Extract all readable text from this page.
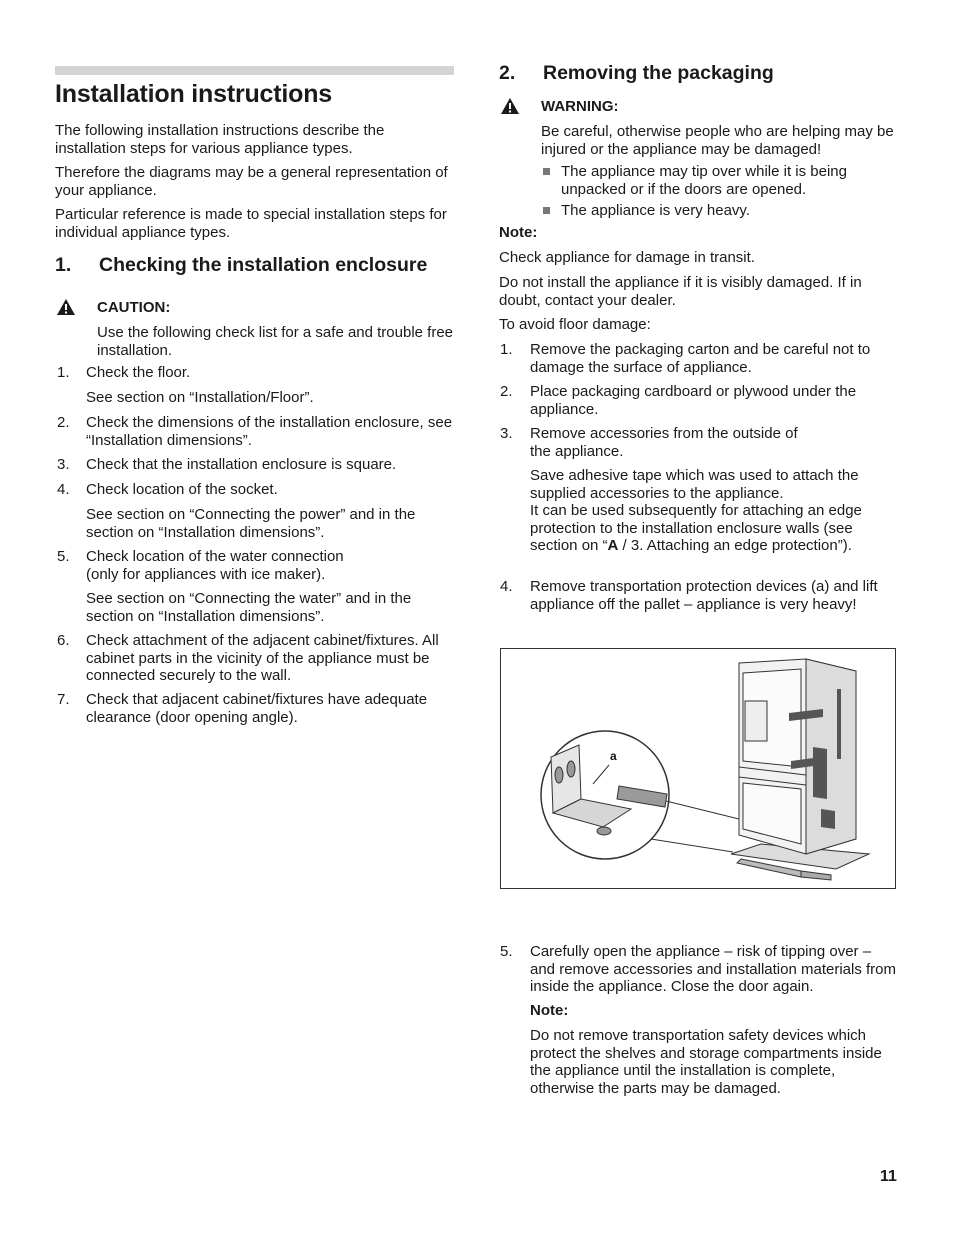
Installation instructions

The following installation instructions describe the installation steps for various appliance types.

Therefore the diagrams may be a general representation of your appliance.

Particular reference is made to special installation steps for individual appliance types.

1. Checking the installation enclosure
CAUTION:

Use the following check list for a safe and trouble free installation.

1. Check the floor.

See section on “Installation/Floor”.

2. Check the dimensions of the installation enclosure, see “Installation dimensions”.

3. Check that the installation enclosure is square.

4. Check location of the socket.

See section on “Connecting the power” and in the section on “Installation dimensions”.

5. Check location of the water connection (only for appliances with ice maker).

See section on “Connecting the water” and in the section on “Installation dimensions”.

6. Check attachment of the adjacent cabinet/fixtures. All cabinet parts in the vicinity of the appliance must be connected securely to the wall.

7. Check that adjacent cabinet/fixtures have adequate clearance (door opening angle).

2. Removing the packaging
WARNING:

Be careful, otherwise people who are helping may be injured or the appliance may be damaged!

The appliance may tip over while it is being unpacked or if the doors are opened.

The appliance is very heavy.

Note:

Check appliance for damage in transit.

Do not install the appliance if it is visibly damaged. If in doubt, contact your dealer.

To avoid floor damage:

1. Remove the packaging carton and be careful not to damage the surface of appliance.

2. Place packaging cardboard or plywood under the appliance.

3. Remove accessories from the outside of the appliance.

Save adhesive tape which was used to attach the supplied accessories to the appliance.

It can be used subsequently for attaching an edge protection to the installation enclosure walls (see section on “A / 3. Attaching an edge protection”).

4. Remove transportation protection devices (a) and lift appliance off the pallet – appliance is very heavy!

a
5. Carefully open the appliance – risk of tipping over – and remove accessories and installation materials from inside the appliance. Close the door again.

Note:

Do not remove transportation safety devices which protect the shelves and storage compartments inside the appliance until the installation is complete, otherwise the parts may be damaged.

11
